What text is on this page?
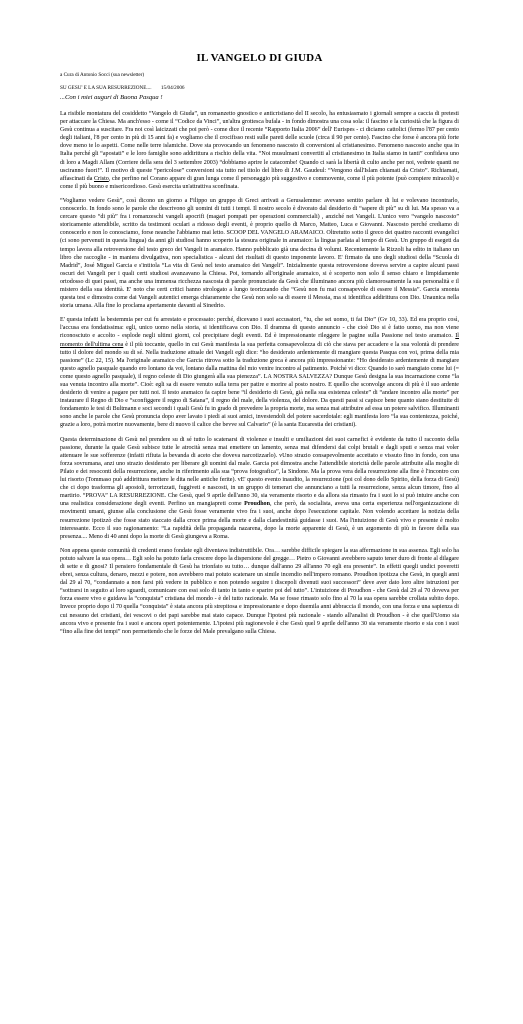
IL VANGELO DI GIUDA
a Cura di Antonio Socci (sua newsletter)
SU GESU' E LA SUA RESURREZIONE.... 15/04/2006
...Con i miei auguri di Buona Pasqua !

La risibile montatura del cosiddetto “Vangelo di Giuda”, un romanzetto gnostico e anticristiano del II secolo, ha entusiasmato i giornali sempre a caccia di pretesti per attaccare la Chiesa. Ma anch'esso - come il “Codice da Vinci”, un'altra grottesca bufala - in fondo dimostra una cosa sola: il fascino e la curiosità che la figura di Gesù continua a suscitare. Fra noi così laicizzati che poi però - come dice il recente “Rapporto Italia 2006” dell' Eurispes - ci diciamo cattolici (fermo l'87 per cento degli italiani, l'8 per cento in più di 15 anni fa) e vogliamo che il crocifisso resti sulle pareti delle scuole (circa il 90 per cento). Fascino che forse è ancora più forte dove meno te lo aspetti. Come nelle terre islamiche. Dove sta provocando un fenomeno nascosto di conversioni al cristianesimo. Fenomeno nascosto anche qua in Italia perché gli “apostati” e le loro famiglie sono addirittura a rischio della vita. “Noi musulmani convertiti al cristianesimo in Italia siamo in tanti” confidava uno di loro a Magdi Allam (Corriere della sera del 3 settembre 2003) “dobbiamo aprire le catacombe! Quando ci sarà la libertà di culto anche per noi, vedrete quanti ne usciranno fuori!”. Il motivo di queste “pericolose” conversioni sta tutto nel titolo del libro di J.M. Gaudeul: “Vengono dall'Islam chiamati da Cristo”. Richiamati, affascinati da Cristo, che perfino nel Corano appare di gran lunga come il personaggio più suggestivo e commovente, come il più potente (può compiere miracoli) e come il più buono e misericordioso. Gesù esercita un'attrattiva sconfinata.

“Vogliamo vedere Gesù”, così dicono un giorno a Filippo un gruppo di Greci arrivati a Gerusalemme: avevano sentito parlare di lui e volevano incontrarlo, conoscerlo. In fondo sono le parole che descrivono gli uomini di tutti i tempi. Il nostro secolo è divorato dal desiderio di “sapere di più” su di lui. Ma spesso va a cercare questo “di più” fra i romanzeschi vangeli apocrifi (magari pompati per operazioni commerciali) , anziché nei Vangeli. L'unico vero “vangelo nascosto” storicamente attendibile, scritto da testimoni oculari a ridosso degli eventi, è proprio quello di Marco, Matteo, Luca e Giovanni. Nascosto perché crediamo di conoscerlo e non lo conosciamo, forse neanche l'abbiamo mai letto. SCOOP DEL VANGELO ARAMAICO. Oltretutto sotto il greco dei quattro racconti evangelici (ci sono pervenuti in questa lingua) da anni gli studiosi hanno scoperto la stesura originale in aramaico: la lingua parlata al tempo di Gesù. Un gruppo di esegeti da tempo lavora alla retroversione del testo greco dei Vangeli in aramaico. Hanno pubblicato già una decina di volumi. Recentemente la Rizzoli ha edito in italiano un libro che raccoglie - in maniera divulgativa, non specialistica - alcuni dei risultati di questo imponente lavoro. E' firmato da uno degli studiosi della “Scuola di Madrid”, José Miguel Garcia e s'intitola “La vita di Gesù nel testo aramaico dei Vangeli”. Inizialmente questa retroversione doveva servire a capire alcuni passi oscuri dei Vangeli per i quali certi studiosi avanzavano la Chiesa. Poi, tornando all'originale aramaico, si è scoperto non solo il senso chiaro e limpidamente ortodosso di quei passi, ma anche una immensa ricchezza nascosta di parole pronunciate da Gesù che illuminano ancora più clamorosamente la sua personalità e il mistero della sua identità. E' noto che certi critici hanno strologato a lungo teorizzando che “Gesù non fu mai consapevole di essere il Messia”. Garcia smonta questa tesi e dimostra come dai Vangeli autentici emerga chiaramente che Gesù non solo sa di essere il Messia, ma si identifica addirittura con Dio. Unaunica nella storia umana. Alla fine lo proclama apertamente davanti al Sinedrio.

E' questa infatti la bestemmia per cui fu arrestato e processato: perché, dicevano i suoi accusatori, “tu, che sei uomo, ti fai Dio” (Gv 10, 33). Ed era proprio così, l'accusa era fondatissima: egli, unico uomo nella storia, si identificava con Dio. Il dramma di questo annuncio - che cioè Dio si è fatto uomo, ma non viene riconosciuto e accolto - esplode negli ultimi giorni, col precipitare degli eventi. Ed è impressionante rileggere le pagine sulla Passione nel testo aramaico. Il momento dell'ultima cena è il più toccante, quello in cui Gesù manifesta la sua perfetta consapevolezza di ciò che stava per accadere e la sua volontà di prendere tutto il dolore del mondo su di sé. Nella traduzione attuale dei Vangeli egli dice: “ho desiderato ardentemente di mangiare questa Pasqua con voi, prima della mia passione” (Lc 22, 15). Ma l'originale aramaico che Garcia ritrova sotto la traduzione greca è ancora più impressionante: “Ho desiderato ardentemente di mangiare questo agnello pasquale quando ero lontano da voi, lontano dalla mattina del mio venire incontro al patimento. Poiché vi dico: Quando io sarò mangiato come lui (= come questo agnello pasquale), il regno celeste di Dio giungerà alla sua pienezza”. LA NOSTRA SALVEZZA? Dunque Gesù designa la sua incarnazione come “la sua venuta incontro alla morte”. Cioè: egli sa di essere venuto sulla terra per patire e morire al posto nostro. E quello che sconvolge ancora di più è il suo ardente desiderio di venire a pagare per tutti noi. Il testo aramaico fa capire bene “il desiderio di Gesù, già nella sua esistenza celeste” di “andare incontro alla morte” per instaurare il Regno di Dio e “sconfiggere il regno di Satana”, il regno del male, della violenza, del dolore. Da questi passi si capisce bene quanto siano destituite di fondamento le tesi di Bultmann e soci secondi i quali Gesù fu in grado di prevedere la propria morte, ma senza mai attribuire ad essa un potere salvifico. Illuminanti sono anche le parole che Gesù pronuncia dopo aver lavato i piedi ai suoi amici, investendoli del potere sacerdotale: egli manifesta loro “la sua contentezza, poiché, grazie a loro, potrà morire nuovamente, bere di nuovo il calice che bevve sul Calvario” (è la santa Eucarestia dei cristiani).

Questa determinazione di Gesù nel prendere su di sé tutto lo scatenarsi di violenze e insulti e umiliazioni dei suoi carnefici è evidente da tutto il racconto della passione, durante la quale Gesù subisce tutte le atrocità senza mai emettere un lamento, senza mai difendersi dai colpi brutali e dagli sputi e senza mai voler attenuare le sue sofferenze (infatti rifiuta la bevanda di aceto che doveva narcotizzarlo). vUno strazio consapevolmente accettato e vissuto fino in fondo, con una forza sovrumana, anzi uno strazio desiderato per liberare gli uomini dal male. Garcia poi dimostra anche l'attendibile storicità delle parole attribuite alla moglie di Pilato e dei resoconti della resurrezione, anche in riferimento alla sua “prova fotografica”, la Sindone. Ma la prova vera della resurrezione alla fine è l'incontro con lui risorto (Tommaso può addirittura mettere le dita nelle antiche ferite). vE' questo evento inaudito, la resurrezione (poi col dono dello Spirito, della forza di Gesù) che ci dopo trasforma gli apostoli, terrorizzati, fuggiveti e nascosti, in un gruppo di temerari che annunciano a tutti la resurrezione, senza alcun timore, fino al martirio. “PROVA” LA RESURREZIONE. Che Gesù, quel 9 aprile dell'anno 30, sia veramente risorto e da allora sia rimasto fra i suoi lo si può intuire anche con una realistica considerazione degli eventi. Perfino un mangiapreti come Proudhon, che però, da socialista, aveva una certa esperienza nell'organizzazione di movimenti umani, giunse alla conclusione che Gesù fosse veramente vivo fra i suoi, anche dopo l'esecuzione capitale. Non volendo accettare la notizia della resurrezione ipotizzò che fosse stato staccato dalla croce prima della morte e dalla clandestinità guidasse i suoi. Ma l'intuizione di Gesù vivo e presente è molto interessante. Ecco il suo ragionamento: “La rapidità della propaganda nazarena, dopo la morte apparente di Gesù, è un argomento di più in favore della sua presenza.... Meno di 40 anni dopo la morte di Gesù giungeva a Roma.

Non appena queste comunità di credenti erano fondate egli diventava indistruttibile. Ora… sarebbe difficile spiegare la sua affermazione in sua assenza. Egli solo ha potuto salvare la sua opera… Egli solo ha potuto farla crescere dopo la dispersione del gregge… Pietro o Giovanni avrebbero saputo tener duro di fronte al dilagare di sette e di gnosi? Il pensiero fondamentale di Gesù ha trionfato su tutto… dunque dall'anno 29 all'anno 70 egli era presente”. In effetti quegli undici poveretti ebrei, senza cultura, denaro, mezzi e potere, non avrebbero mai potuto scatenare un simile incendio nell'impero romano. Proudhon ipotizza che Gesù, in quegli anni dal 29 al 70, “condannato a non farsi più vedere in pubblico e non potendo seguire i discepoli divenuti suoi successori” deve aver dato loro altre istruzioni per “sottrarsi in seguito ai loro sguardi, comunicare con essi solo di tanto in tanto e sparire poi del tutto”. L'intuizione di Proudhon - che Gesù dal 29 al 70 doveva per forza essere vivo e guidava la “conquista” cristiana del mondo - è del tutto razionale. Ma se fosse rimasto solo fino al 70 la sua opera sarebbe crollata subito dopo. Invece proprio dopo il 70 quella “conquista” è stata ancora più strepitosa e impressionante e dopo duemila anni abbraccia il mondo, con una forza e una sapienza di cui nessuno dei cristiani, dei vescovi o dei papi sarebbe mai stato capace. Dunque l'ipotesi più razionale - stando all'analisi di Proudhon - è che quell'Uomo sia ancora vivo e presente fra i suoi e ancora operi potentemente. L'ipotesi più ragionevole è che Gesù quel 9 aprile dell'anno 30 sia veramente risorto e sia con i suoi “fino alla fine dei tempi” non permettendo che le forze del Male prevalgano sulla Chiesa.
